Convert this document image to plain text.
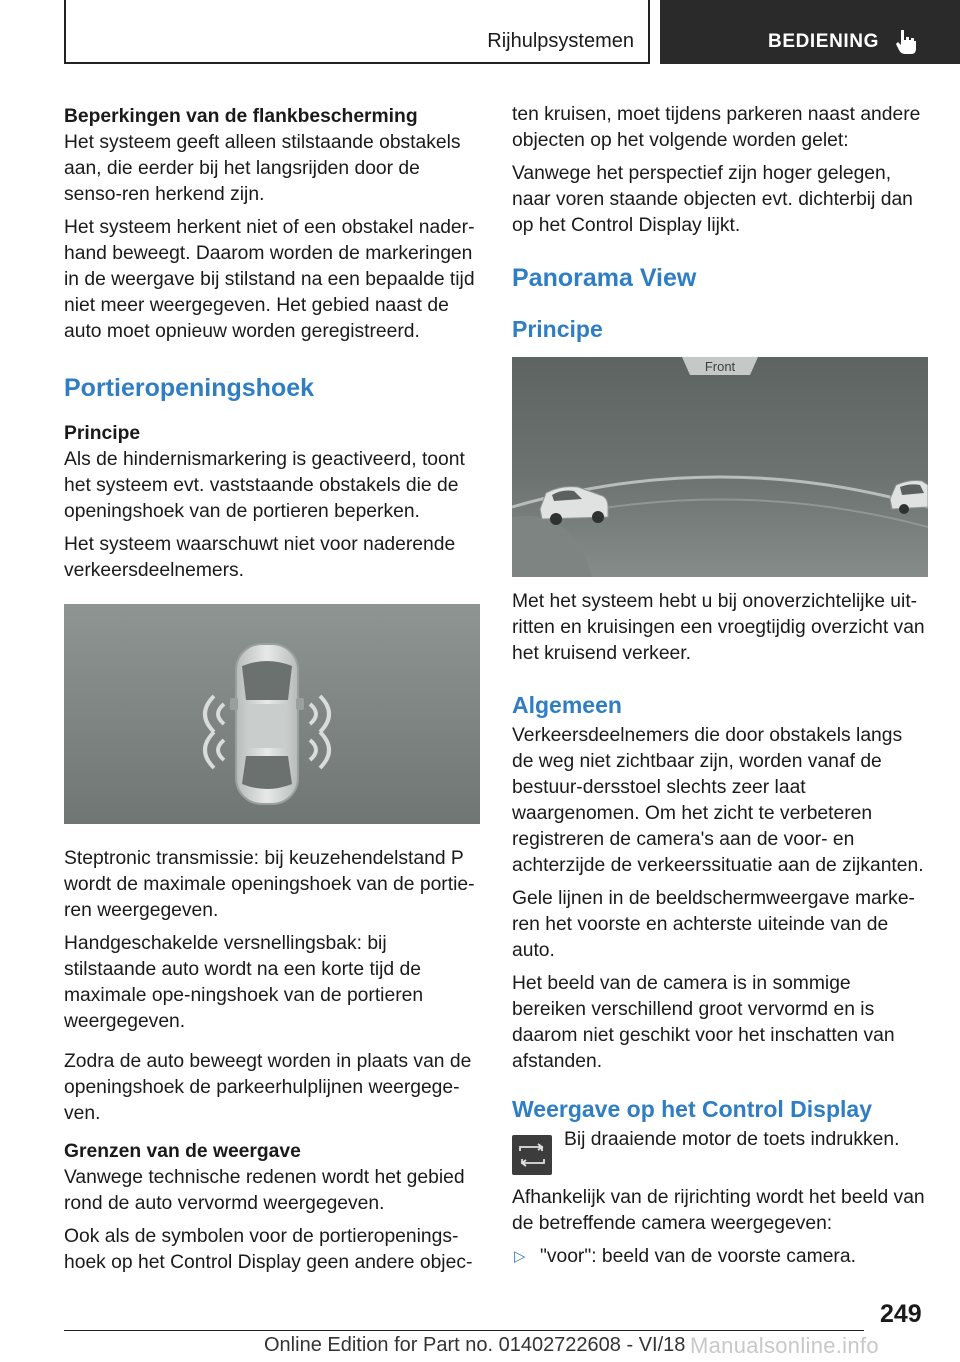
Rijhulpsystemen	BEDIENING
Beperkingen van de flankbescherming

Het systeem geeft alleen stilstaande obstakels aan, die eerder bij het langsrijden door de senso-ren herkend zijn.

Het systeem herkent niet of een obstakel nader-hand beweegt. Daarom worden de markeringen in de weergave bij stilstand na een bepaalde tijd niet meer weergegeven. Het gebied naast de auto moet opnieuw worden geregistreerd.

Portieropeningshoek
Principe

Als de hindernismarkering is geactiveerd, toont het systeem evt. vaststaande obstakels die de openingshoek van de portieren beperken.

Het systeem waarschuwt niet voor naderende verkeersdeelnemers.

Steptronic transmissie: bij keuzehendelstand P wordt de maximale openingshoek van de portie-ren weergegeven.

Handgeschakelde versnellingsbak: bij stilstaande auto wordt na een korte tijd de maximale ope-ningshoek van de portieren weergegeven.

Zodra de auto beweegt worden in plaats van de openingshoek de parkeerhulplijnen weergege-ven.

Grenzen van de weergave

Vanwege technische redenen wordt het gebied rond de auto vervormd weergegeven.

Ook als de symbolen voor de portieropenings-hoek op het Control Display geen andere objec-

ten kruisen, moet tijdens parkeren naast andere objecten op het volgende worden gelet:

Vanwege het perspectief zijn hoger gelegen, naar voren staande objecten evt. dichterbij dan op het Control Display lijkt.

Panorama View
Principe
Front

Met het systeem hebt u bij onoverzichtelijke uit-ritten en kruisingen een vroegtijdig overzicht van het kruisend verkeer.

Algemeen

Verkeersdeelnemers die door obstakels langs de weg niet zichtbaar zijn, worden vanaf de bestuur-dersstoel slechts zeer laat waargenomen. Om het zicht te verbeteren registreren de camera's aan de voor- en achterzijde de verkeerssituatie aan de zijkanten.

Gele lijnen in de beeldschermweergave marke-ren het voorste en achterste uiteinde van de auto.

Het beeld van de camera is in sommige bereiken verschillend groot vervormd en is daarom niet geschikt voor het inschatten van afstanden.

Weergave op het Control Display
Bij draaiende motor de toets indrukken.

Afhankelijk van de rijrichting wordt het beeld van de betreffende camera weergegeven:

▷ "voor": beeld van de voorste camera.
249
Online Edition for Part no. 01402722608 - VI/18 Manualsonline.info
